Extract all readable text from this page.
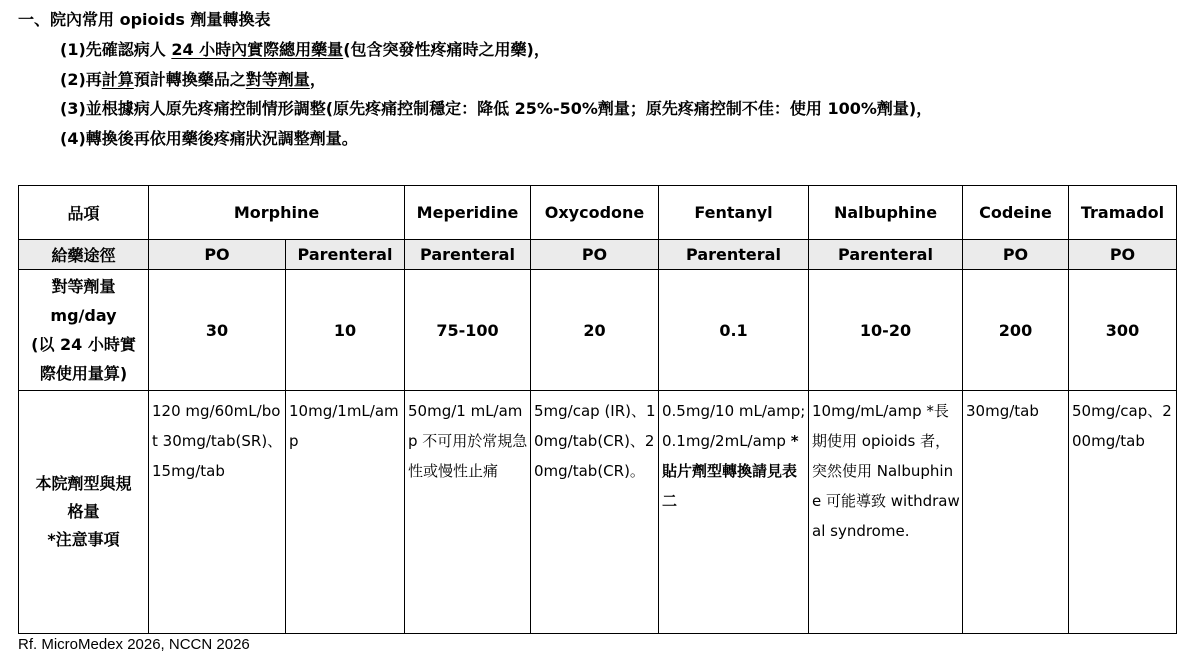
一、院內常用 opioids 劑量轉換表
(1)先確認病人 24 小時內實際總用藥量(包含突發性疼痛時之用藥)，
(2)再計算預計轉換藥品之對等劑量，
(3)並根據病人原先疼痛控制情形調整(原先疼痛控制穩定：降低 25%-50%劑量；原先疼痛控制不佳：使用 100%劑量)，
(4)轉換後再依用藥後疼痛狀況調整劑量。
品項	Morphine		Meperidine	Oxycodone	Fentanyl	Nalbuphine	Codeine	Tramadol
給藥途徑	PO	Parenteral	Parenteral	PO	Parenteral	Parenteral	PO	PO
對等劑量
mg/day
(以 24 小時實
際使用量算)	30	10	75-100	20	0.1	10-20	200	300
本院劑型與規
格量
*注意事項	120 mg/60mL/bot 30mg/tab(SR)、15mg/tab	10mg/1mL/amp	50mg/1 mL/amp 不可用於常規急性或慢性止痛	5mg/cap (IR)、10mg/tab(CR)、20mg/tab(CR)。	0.5mg/10 mL/amp; 0.1mg/2mL/amp *貼片劑型轉換請見表二	10mg/mL/amp *長期使用 opioids 者，突然使用 Nalbuphine 可能導致 withdrawal syndrome.	30mg/tab	50mg/cap、200mg/tab
Rf. MicroMedex 2026, NCCN 2026
